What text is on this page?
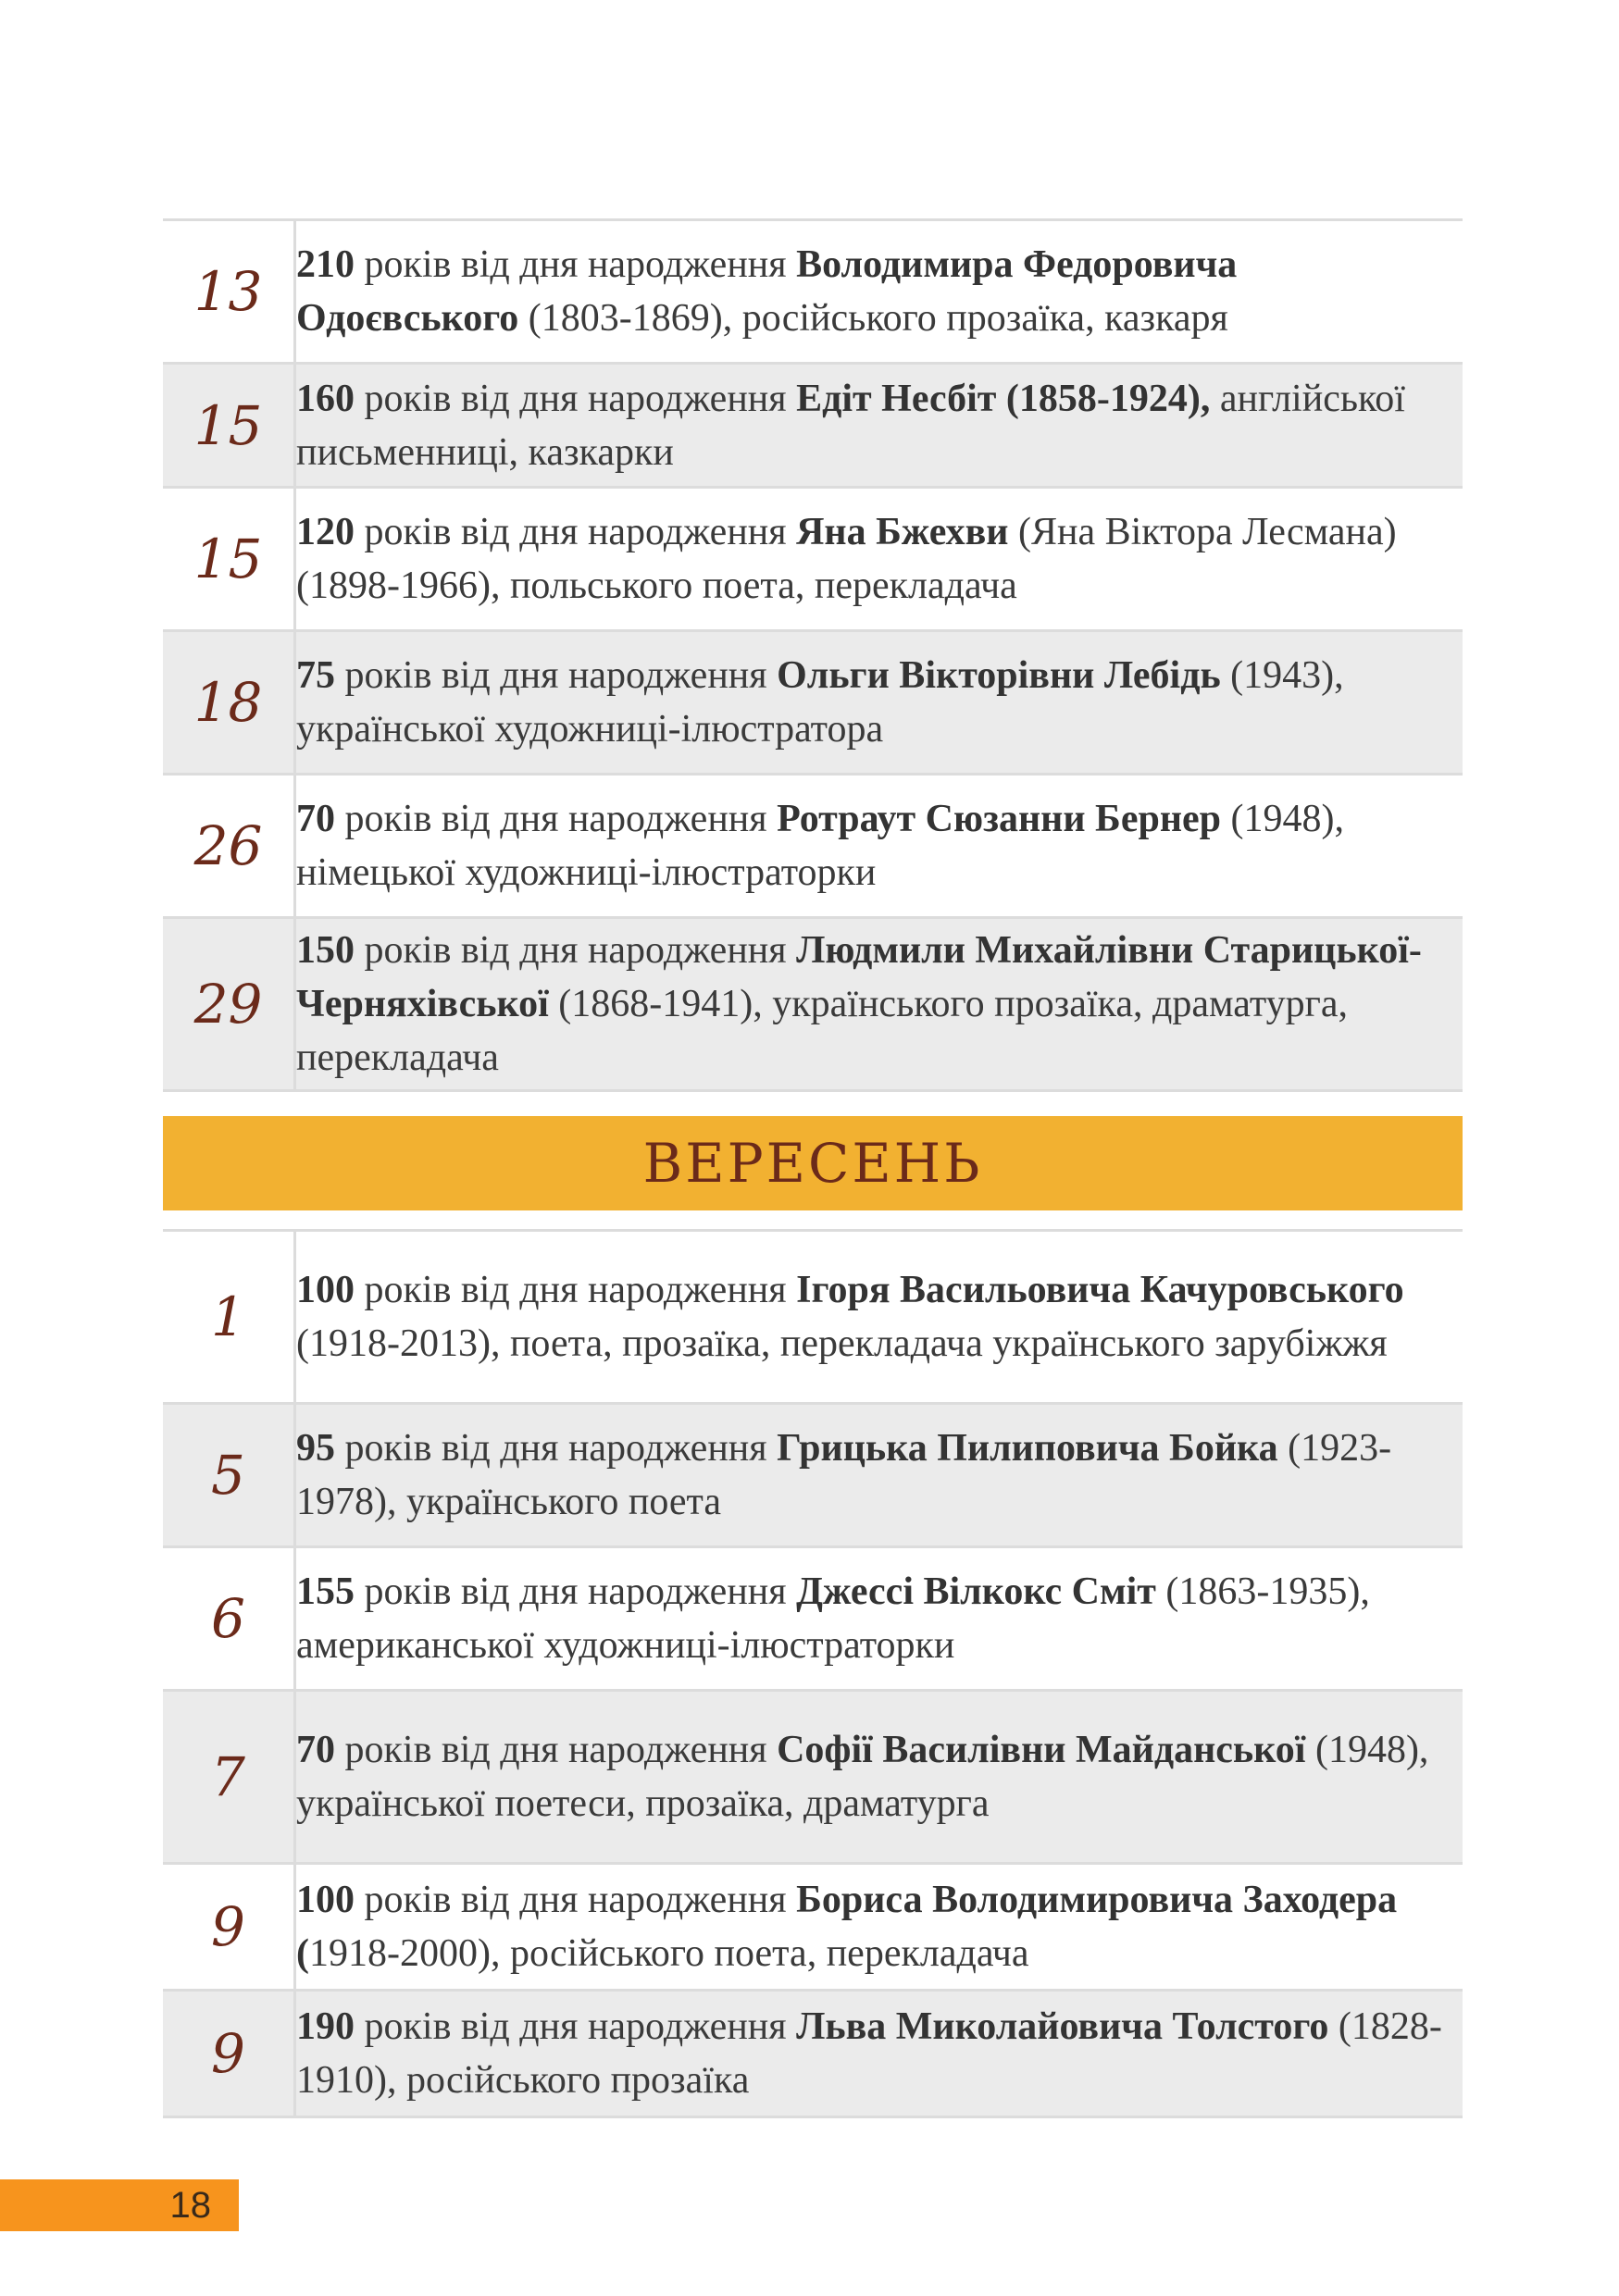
13	210 років від дня народження Володимира Федоровича Одоєвського (1803-1869), російського прозаїка, казкаря
15	160 років від дня народження Едіт Несбіт (1858-1924), англійської письменниці, казкарки
15	120 років від дня народження Яна Бжехви (Яна Віктора Лесмана) (1898-1966), польського поета, перекладача
18	75 років від дня народження Ольги Вікторівни Лебідь (1943), української художниці-ілюстратора
26	70 років від дня народження Ротраут Сюзанни Бернер (1948), німецької художниці-ілюстраторки
29	150 років від дня народження Людмили Михайлівни Старицької-Черняхівської (1868-1941), українського прозаїка, драматурга, перекладача
ВЕРЕСЕНЬ
1	100 років від дня народження Ігоря Васильовича Качуровського (1918-2013), поета, прозаїка, перекладача українського зарубіжжя
5	95 років від дня народження Грицька Пилиповича Бойка (1923-1978), українського поета
6	155 років від дня народження Джессі Вілкокс Сміт (1863-1935), американської художниці-ілюстраторки
7	70 років від дня народження Софії Василівни Майданської (1948), української поетеси, прозаїка, драматурга
9	100 років від дня народження Бориса Володимировича Заходера (1918-2000), російського поета, перекладача
9	190 років від дня народження Льва Миколайовича Толстого (1828-1910), російського прозаїка
18
